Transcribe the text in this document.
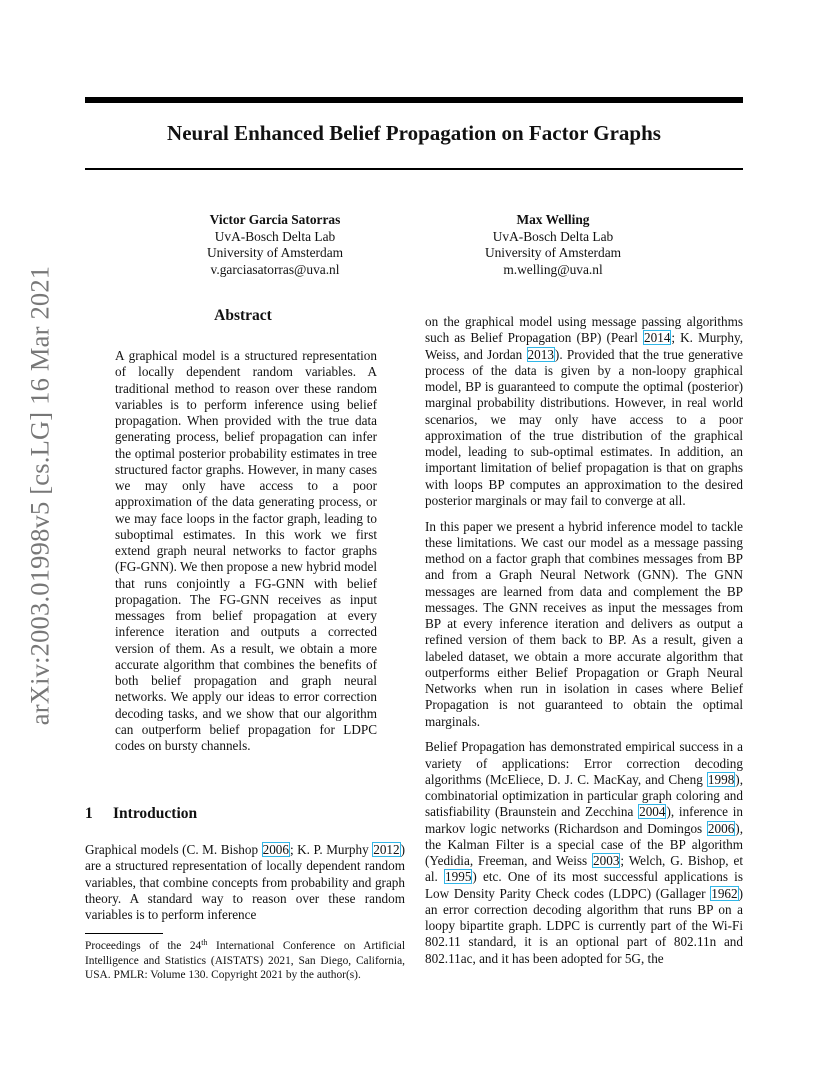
arXiv:2003.01998v5 [cs.LG] 16 Mar 2021
Neural Enhanced Belief Propagation on Factor Graphs
Victor Garcia Satorras
UvA-Bosch Delta Lab
University of Amsterdam
v.garciasatorras@uva.nl
Max Welling
UvA-Bosch Delta Lab
University of Amsterdam
m.welling@uva.nl
Abstract
A graphical model is a structured representation of locally dependent random variables. A traditional method to reason over these random variables is to perform inference using belief propagation. When provided with the true data generating process, belief propagation can infer the optimal posterior probability estimates in tree structured factor graphs. However, in many cases we may only have access to a poor approximation of the data generating process, or we may face loops in the factor graph, leading to suboptimal estimates. In this work we first extend graph neural networks to factor graphs (FG-GNN). We then propose a new hybrid model that runs conjointly a FG-GNN with belief propagation. The FG-GNN receives as input messages from belief propagation at every inference iteration and outputs a corrected version of them. As a result, we obtain a more accurate algorithm that combines the benefits of both belief propagation and graph neural networks. We apply our ideas to error correction decoding tasks, and we show that our algorithm can outperform belief propagation for LDPC codes on bursty channels.
1 Introduction
Graphical models (C. M. Bishop 2006; K. P. Murphy 2012) are a structured representation of locally dependent random variables, that combine concepts from probability and graph theory. A standard way to reason over these random variables is to perform inference
Proceedings of the 24th International Conference on Artificial Intelligence and Statistics (AISTATS) 2021, San Diego, California, USA. PMLR: Volume 130. Copyright 2021 by the author(s).

on the graphical model using message passing algorithms such as Belief Propagation (BP) (Pearl 2014; K. Murphy, Weiss, and Jordan 2013). Provided that the true generative process of the data is given by a non-loopy graphical model, BP is guaranteed to compute the optimal (posterior) marginal probability distributions. However, in real world scenarios, we may only have access to a poor approximation of the true distribution of the graphical model, leading to sub-optimal estimates. In addition, an important limitation of belief propagation is that on graphs with loops BP computes an approximation to the desired posterior marginals or may fail to converge at all.

In this paper we present a hybrid inference model to tackle these limitations. We cast our model as a message passing method on a factor graph that combines messages from BP and from a Graph Neural Network (GNN). The GNN messages are learned from data and complement the BP messages. The GNN receives as input the messages from BP at every inference iteration and delivers as output a refined version of them back to BP. As a result, given a labeled dataset, we obtain a more accurate algorithm that outperforms either Belief Propagation or Graph Neural Networks when run in isolation in cases where Belief Propagation is not guaranteed to obtain the optimal marginals.

Belief Propagation has demonstrated empirical success in a variety of applications: Error correction decoding algorithms (McEliece, D. J. C. MacKay, and Cheng 1998), combinatorial optimization in particular graph coloring and satisfiability (Braunstein and Zecchina 2004), inference in markov logic networks (Richardson and Domingos 2006), the Kalman Filter is a special case of the BP algorithm (Yedidia, Freeman, and Weiss 2003; Welch, G. Bishop, et al. 1995) etc. One of its most successful applications is Low Density Parity Check codes (LDPC) (Gallager 1962) an error correction decoding algorithm that runs BP on a loopy bipartite graph. LDPC is currently part of the Wi-Fi 802.11 standard, it is an optional part of 802.11n and 802.11ac, and it has been adopted for 5G, the
